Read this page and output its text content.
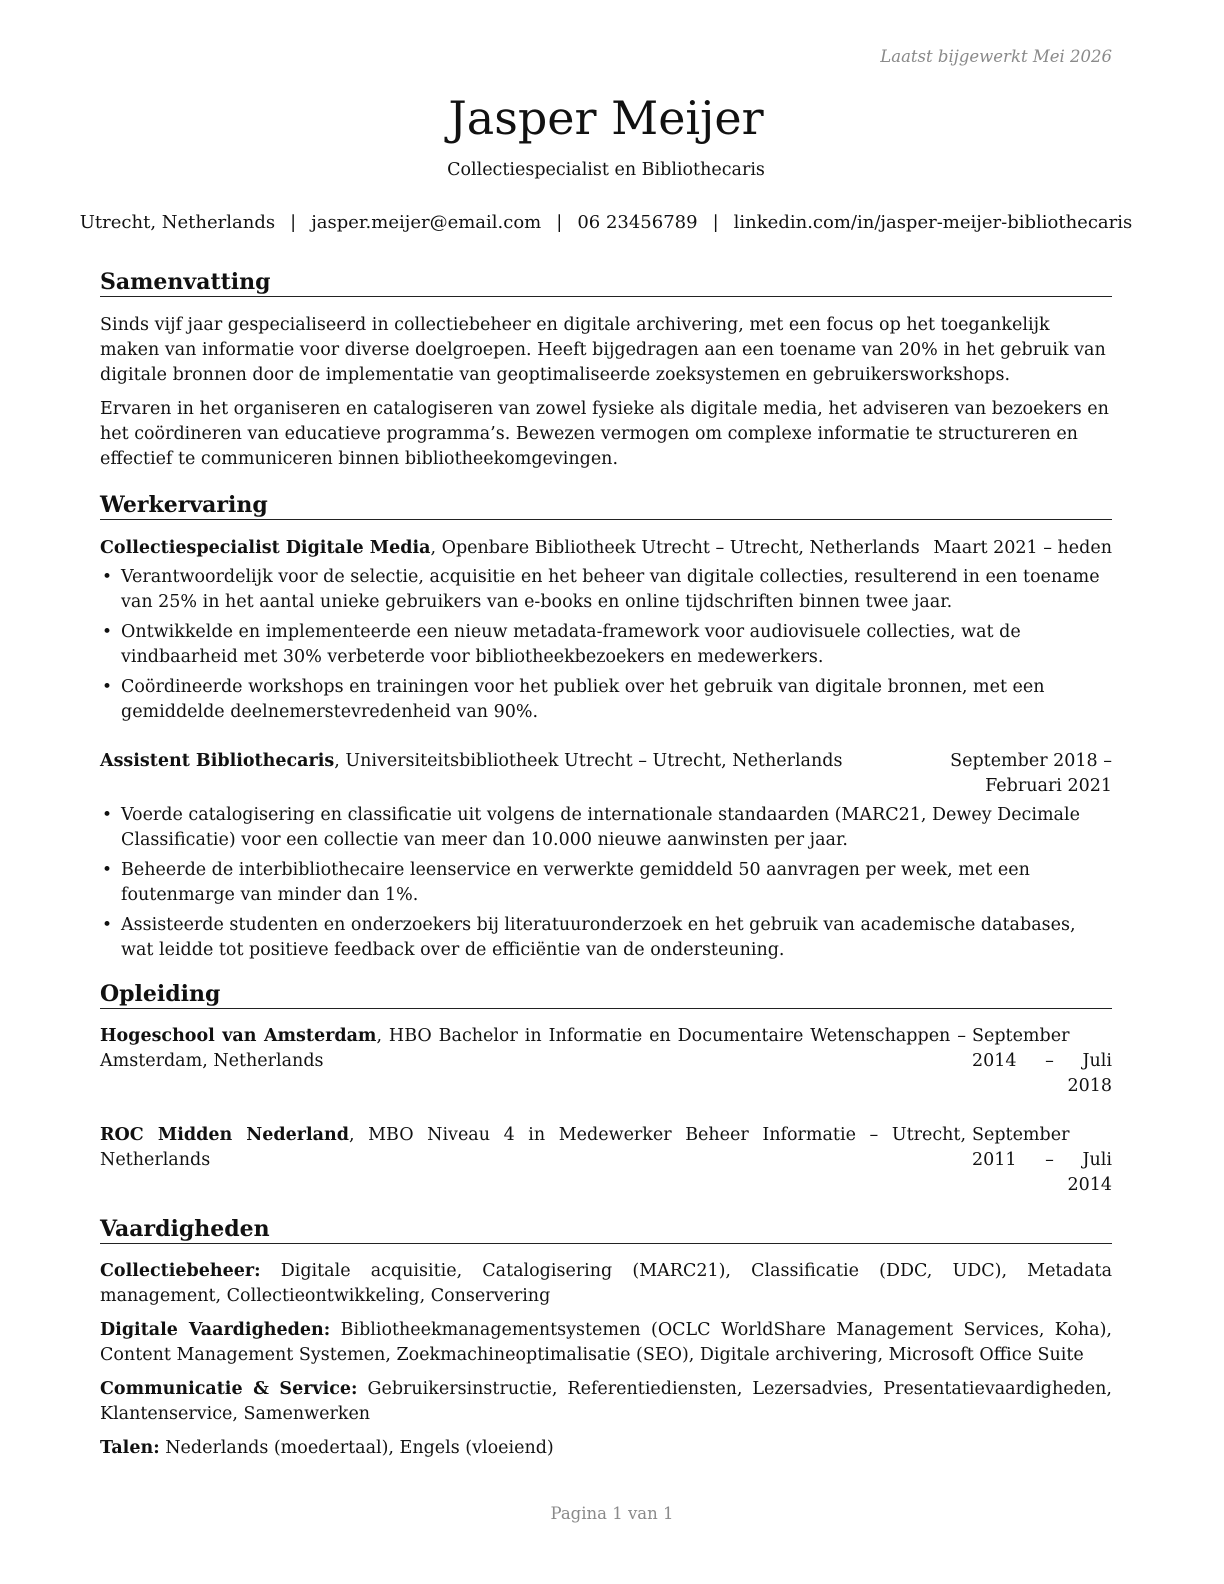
Laatst bijgewerkt Mei 2026
Jasper Meijer
Collectiespecialist en Bibliothecaris
Utrecht, Netherlands | jasper.meijer@email.com | 06 23456789 | linkedin.com/in/jasper-meijer-bibliothecaris
Samenvatting

Sinds vijf jaar gespecialiseerd in collectiebeheer en digitale archivering, met een focus op het toegankelijk maken van informatie voor diverse doelgroepen. Heeft bijgedragen aan een toename van 20% in het gebruik van digitale bronnen door de implementatie van geoptimaliseerde zoeksystemen en gebruikersworkshops.

Ervaren in het organiseren en catalogiseren van zowel fysieke als digitale media, het adviseren van bezoekers en het coördineren van educatieve programma’s. Bewezen vermogen om complexe informatie te structureren en effectief te communiceren binnen bibliotheekomgevingen.

Werkervaring
Collectiespecialist Digitale Media, Openbare Bibliotheek Utrecht – Utrecht, Netherlands Maart 2021 – heden
• Verantwoordelijk voor de selectie, acquisitie en het beheer van digitale collecties, resulterend in een toename van 25% in het aantal unieke gebruikers van e-books en online tijdschriften binnen twee jaar.
• Ontwikkelde en implementeerde een nieuw metadata-framework voor audiovisuele collecties, wat de vindbaarheid met 30% verbeterde voor bibliotheekbezoekers en medewerkers.
• Coördineerde workshops en trainingen voor het publiek over het gebruik van digitale bronnen, met een gemiddelde deelnemerstevredenheid van 90%.
Assistent Bibliothecaris, Universiteitsbibliotheek Utrecht – Utrecht, Netherlands	September 2018 – Februari 2021
• Voerde catalogisering en classificatie uit volgens de internationale standaarden (MARC21, Dewey Decimale Classificatie) voor een collectie van meer dan 10.000 nieuwe aanwinsten per jaar.
• Beheerde de interbibliothecaire leenservice en verwerkte gemiddeld 50 aanvragen per week, met een foutenmarge van minder dan 1%.
• Assisteerde studenten en onderzoekers bij literatuuronderzoek en het gebruik van academische databases, wat leidde tot positieve feedback over de efficiëntie van de ondersteuning.
Opleiding
Hogeschool van Amsterdam, HBO Bachelor in Informatie en Documentaire Wetenschappen – Amsterdam, Netherlands
September 2014 – Juli
2018
ROC Midden Nederland, MBO Niveau 4 in Medewerker Beheer Informatie – Utrecht, Netherlands
September 2011 – Juli
2014
Vaardigheden

Collectiebeheer: Digitale acquisitie, Catalogisering (MARC21), Classificatie (DDC, UDC), Metadata management, Collectieontwikkeling, Conservering

Digitale Vaardigheden: Bibliotheekmanagementsystemen (OCLC WorldShare Management Services, Koha), Content Management Systemen, Zoekmachineoptimalisatie (SEO), Digitale archivering, Microsoft Office Suite

Communicatie & Service: Gebruikersinstructie, Referentiediensten, Lezersadvies, Presentatievaardigheden, Klantenservice, Samenwerken

Talen: Nederlands (moedertaal), Engels (vloeiend)

Pagina 1 van 1
